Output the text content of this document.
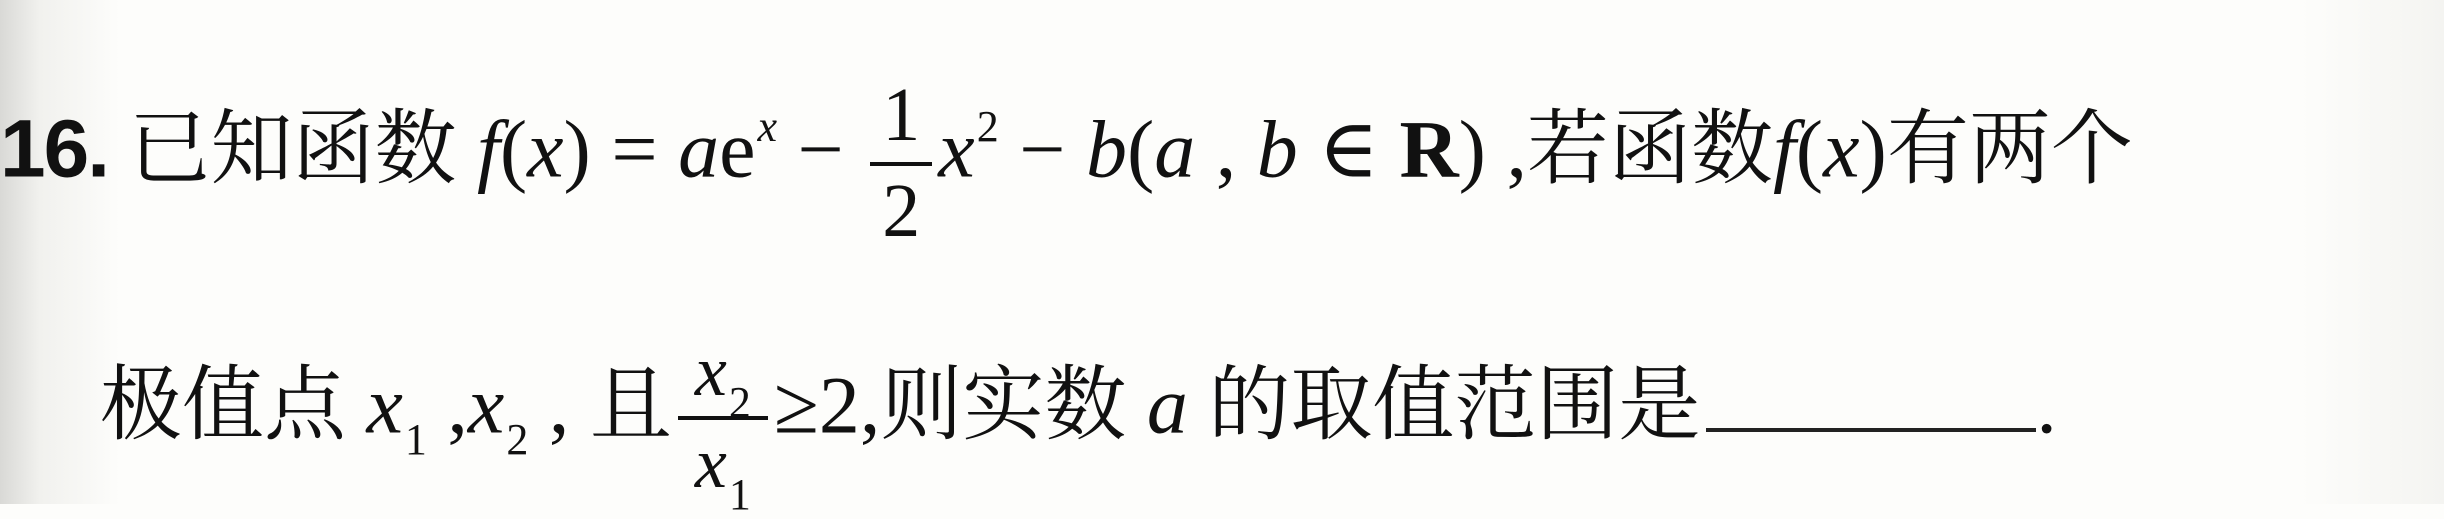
16. 已知函数 $f(x) = ae^x - \frac{1}{2} x^2 - b(a$ , b ∈ R) ,若函数f(x)有两个
极值点 $x_1$ $,x_2$ , 且 $\frac{x_2}{x_1} \ge 2$,则实数 a 的取值范围是	.
